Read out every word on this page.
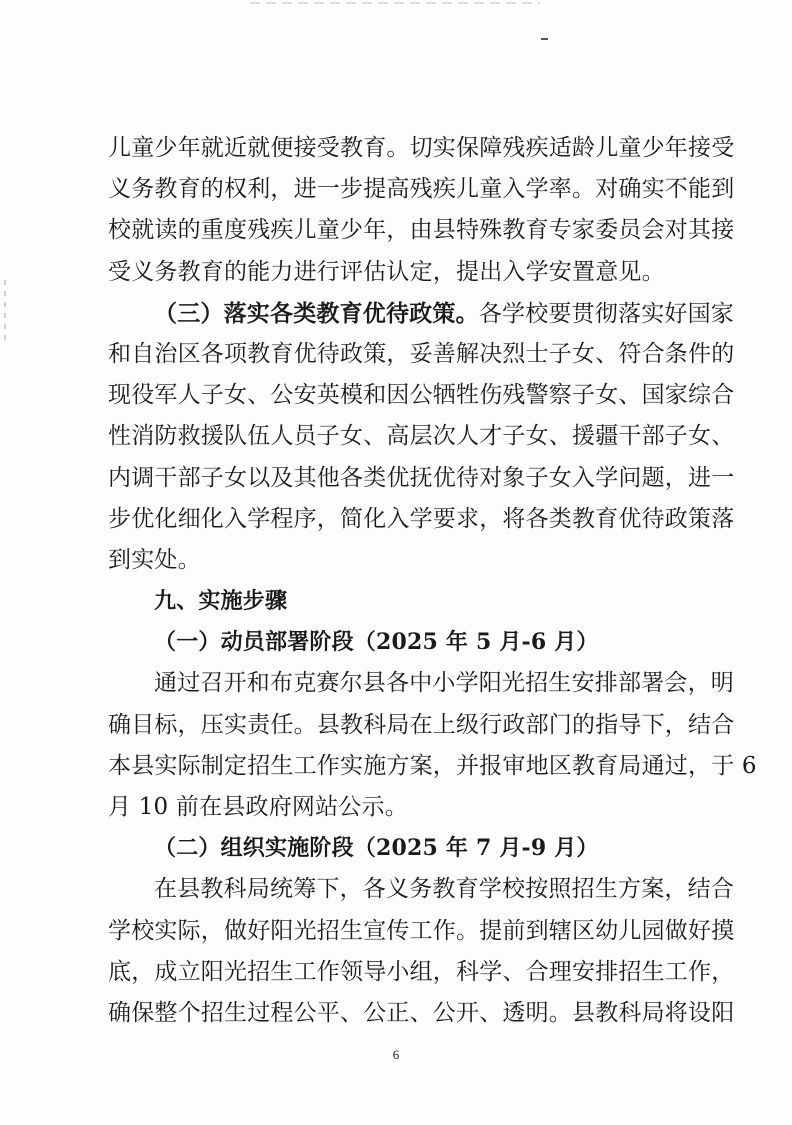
儿童少年就近就便接受教育。切实保障残疾适龄儿童少年接受
义务教育的权利，进一步提高残疾儿童入学率。对确实不能到
校就读的重度残疾儿童少年，由县特殊教育专家委员会对其接
受义务教育的能力进行评估认定，提出入学安置意见。
（三）落实各类教育优待政策。各学校要贯彻落实好国家
和自治区各项教育优待政策，妥善解决烈士子女、符合条件的
现役军人子女、公安英模和因公牺牲伤残警察子女、国家综合
性消防救援队伍人员子女、高层次人才子女、援疆干部子女、
内调干部子女以及其他各类优抚优待对象子女入学问题，进一
步优化细化入学程序，简化入学要求，将各类教育优待政策落
到实处。
九、实施步骤
（一）动员部署阶段（2025 年 5 月-6 月）
通过召开和布克赛尔县各中小学阳光招生安排部署会，明
确目标，压实责任。县教科局在上级行政部门的指导下，结合
本县实际制定招生工作实施方案，并报审地区教育局通过，于 6
月 10 前在县政府网站公示。
（二）组织实施阶段（2025 年 7 月-9 月）
在县教科局统筹下，各义务教育学校按照招生方案，结合
学校实际，做好阳光招生宣传工作。提前到辖区幼儿园做好摸
底，成立阳光招生工作领导小组，科学、合理安排招生工作，
确保整个招生过程公平、公正、公开、透明。县教科局将设阳
6
